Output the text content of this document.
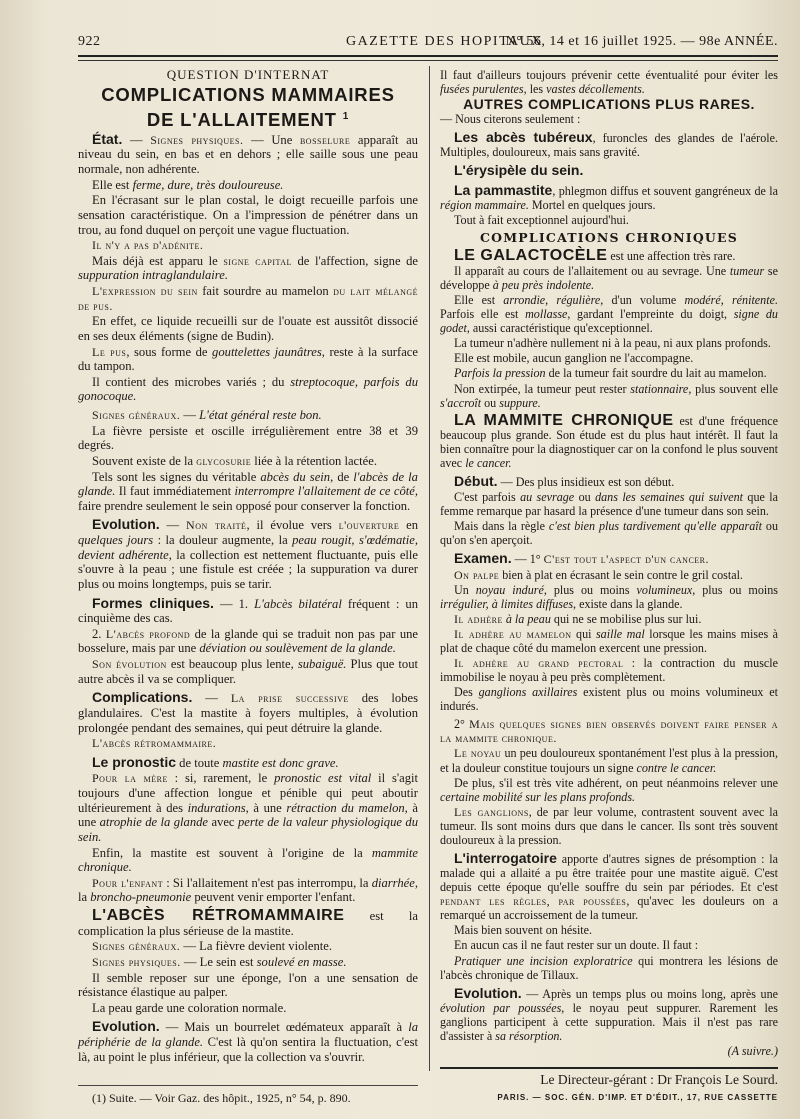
922	GAZETTE DES HOPITAUX
N° 56, 14 et 16 juillet 1925. — 98e ANNÉE.

QUESTION D'INTERNAT

COMPLICATIONS MAMMAIRES
DE L'ALLAITEMENT $^1$

État. — Signes physiques. — Une bosselure apparaît au niveau du sein, en bas et en dehors ; elle saille sous une peau normale, non adhérente.

Elle est ferme, dure, très douloureuse.

En l'écrasant sur le plan costal, le doigt recueille parfois une sensation caractéristique. On a l'impression de pénétrer dans un trou, au fond duquel on perçoit une vague fluctuation.

Il n'y a pas d'adénite.

Mais déjà est apparu le signe capital de l'affection, signe de suppuration intraglandulaire.

L'expression du sein fait sourdre au mamelon du lait mélangé de pus.

En effet, ce liquide recueilli sur de l'ouate est aussitôt dissocié en ses deux éléments (signe de Budin).

Le pus, sous forme de gouttelettes jaunâtres, reste à la surface du tampon.

Il contient des microbes variés ; du streptocoque, parfois du gonocoque.

Signes généraux. — L'état général reste bon.

La fièvre persiste et oscille irrégulièrement entre 38 et 39 degrés.

Souvent existe de la glycosurie liée à la rétention lactée.

Tels sont les signes du véritable abcès du sein, de l'abcès de la glande. Il faut immédiatement interrompre l'allaitement de ce côté, faire prendre seulement le sein opposé pour conserver la fonction.

Evolution. — Non traité, il évolue vers l'ouverture en quelques jours : la douleur augmente, la peau rougit, s'œdématie, devient adhérente, la collection est nettement fluctuante, puis elle s'ouvre à la peau ; une fistule est créée ; la suppuration va durer plus ou moins longtemps, puis se tarir.

Formes cliniques. — 1. L'abcès bilatéral fréquent : un cinquième des cas.

2. L'abcès profond de la glande qui se traduit non pas par une bosselure, mais par une déviation ou soulèvement de la glande.

Son évolution est beaucoup plus lente, subaiguë. Plus que tout autre abcès il va se compliquer.

Complications. — La prise successive des lobes glandulaires. C'est la mastite à foyers multiples, à évolution prolongée pendant des semaines, qui peut détruire la glande.

L'abcès rétromammaire.

Le pronostic de toute mastite est donc grave.

Pour la mère : si, rarement, le pronostic est vital il s'agit toujours d'une affection longue et pénible qui peut aboutir ultérieurement à des indurations, à une rétraction du mamelon, à une atrophie de la glande avec perte de la valeur physiologique du sein.

Enfin, la mastite est souvent à l'origine de la mammite chronique.

Pour l'enfant : Si l'allaitement n'est pas interrompu, la diarrhée, la broncho-pneumonie peuvent venir emporter l'enfant.

L'ABCÈS RÉTROMAMMAIRE est la complication la plus sérieuse de la mastite.

Signes généraux. — La fièvre devient violente.

Signes physiques. — Le sein est soulevé en masse.

Il semble reposer sur une éponge, l'on a une sensation de résistance élastique au palper.

La peau garde une coloration normale.

Evolution. — Mais un bourrelet œdémateux apparaît à la périphérie de la glande. C'est là qu'on sentira la fluctuation, c'est là, au point le plus inférieur, que la collection va s'ouvrir.

(1) Suite. — Voir Gaz. des hôpit., 1925, n° 54, p. 890.

Il faut d'ailleurs toujours prévenir cette éventualité pour éviter les fusées purulentes, les vastes décollements.

AUTRES COMPLICATIONS PLUS RARES.

— Nous citerons seulement :

Les abcès tubéreux, furoncles des glandes de l'aérole. Multiples, douloureux, mais sans gravité.

L'érysipèle du sein.

La pammastite, phlegmon diffus et souvent gangréneux de la région mammaire. Mortel en quelques jours.

Tout à fait exceptionnel aujourd'hui.

COMPLICATIONS CHRONIQUES

LE GALACTOCÈLE est une affection très rare.

Il apparaît au cours de l'allaitement ou au sevrage. Une tumeur se développe à peu près indolente.

Elle est arrondie, régulière, d'un volume modéré, rénitente. Parfois elle est mollasse, gardant l'empreinte du doigt, signe du godet, aussi caractéristique qu'exceptionnel.

La tumeur n'adhère nullement ni à la peau, ni aux plans profonds.

Elle est mobile, aucun ganglion ne l'accompagne.

Parfois la pression de la tumeur fait sourdre du lait au mamelon.

Non extirpée, la tumeur peut rester stationnaire, plus souvent elle s'accroît ou suppure.

LA MAMMITE CHRONIQUE est d'une fréquence beaucoup plus grande. Son étude est du plus haut intérêt. Il faut la bien connaître pour la diagnostiquer car on la confond le plus souvent avec le cancer.

Début. — Des plus insidieux est son début.

C'est parfois au sevrage ou dans les semaines qui suivent que la femme remarque par hasard la présence d'une tumeur dans son sein.

Mais dans la règle c'est bien plus tardivement qu'elle apparaît ou qu'on s'en aperçoit.

Examen. — 1° C'est tout l'aspect d'un cancer.

On palpe bien à plat en écrasant le sein contre le gril costal.

Un noyau induré, plus ou moins volumineux, plus ou moins irrégulier, à limites diffuses, existe dans la glande.

Il adhère à la peau qui ne se mobilise plus sur lui.

Il adhère au mamelon qui saille mal lorsque les mains mises à plat de chaque côté du mamelon exercent une pression.

Il adhère au grand pectoral : la contraction du muscle immobilise le noyau à peu près complètement.

Des ganglions axillaires existent plus ou moins volumineux et indurés.

2° Mais quelques signes bien observés doivent faire penser a la mammite chronique.

Le noyau un peu douloureux spontanément l'est plus à la pression, et la douleur constitue toujours un signe contre le cancer.

De plus, s'il est très vite adhérent, on peut néanmoins relever une certaine mobilité sur les plans profonds.

Les ganglions, de par leur volume, contrastent souvent avec la tumeur. Ils sont moins durs que dans le cancer. Ils sont très souvent douloureux à la pression.

L'interrogatoire apporte d'autres signes de présomption : la malade qui a allaité a pu être traitée pour une mastite aiguë. C'est depuis cette époque qu'elle souffre du sein par périodes. Et c'est pendant les règles, par poussées, qu'avec les douleurs on a remarqué un accroissement de la tumeur.

Mais bien souvent on hésite.

En aucun cas il ne faut rester sur un doute. Il faut :

Pratiquer une incision exploratrice qui montrera les lésions de l'abcès chronique de Tillaux.

Evolution. — Après un temps plus ou moins long, après une évolution par poussées, le noyau peut suppurer. Rarement les ganglions participent à cette suppuration. Mais il n'est pas rare d'assister à sa résorption.

(A suivre.)

Le Directeur-gérant : Dr François Le Sourd.
PARIS. — SOC. GÉN. D'IMP. ET D'ÉDIT., 17, RUE CASSETTE
